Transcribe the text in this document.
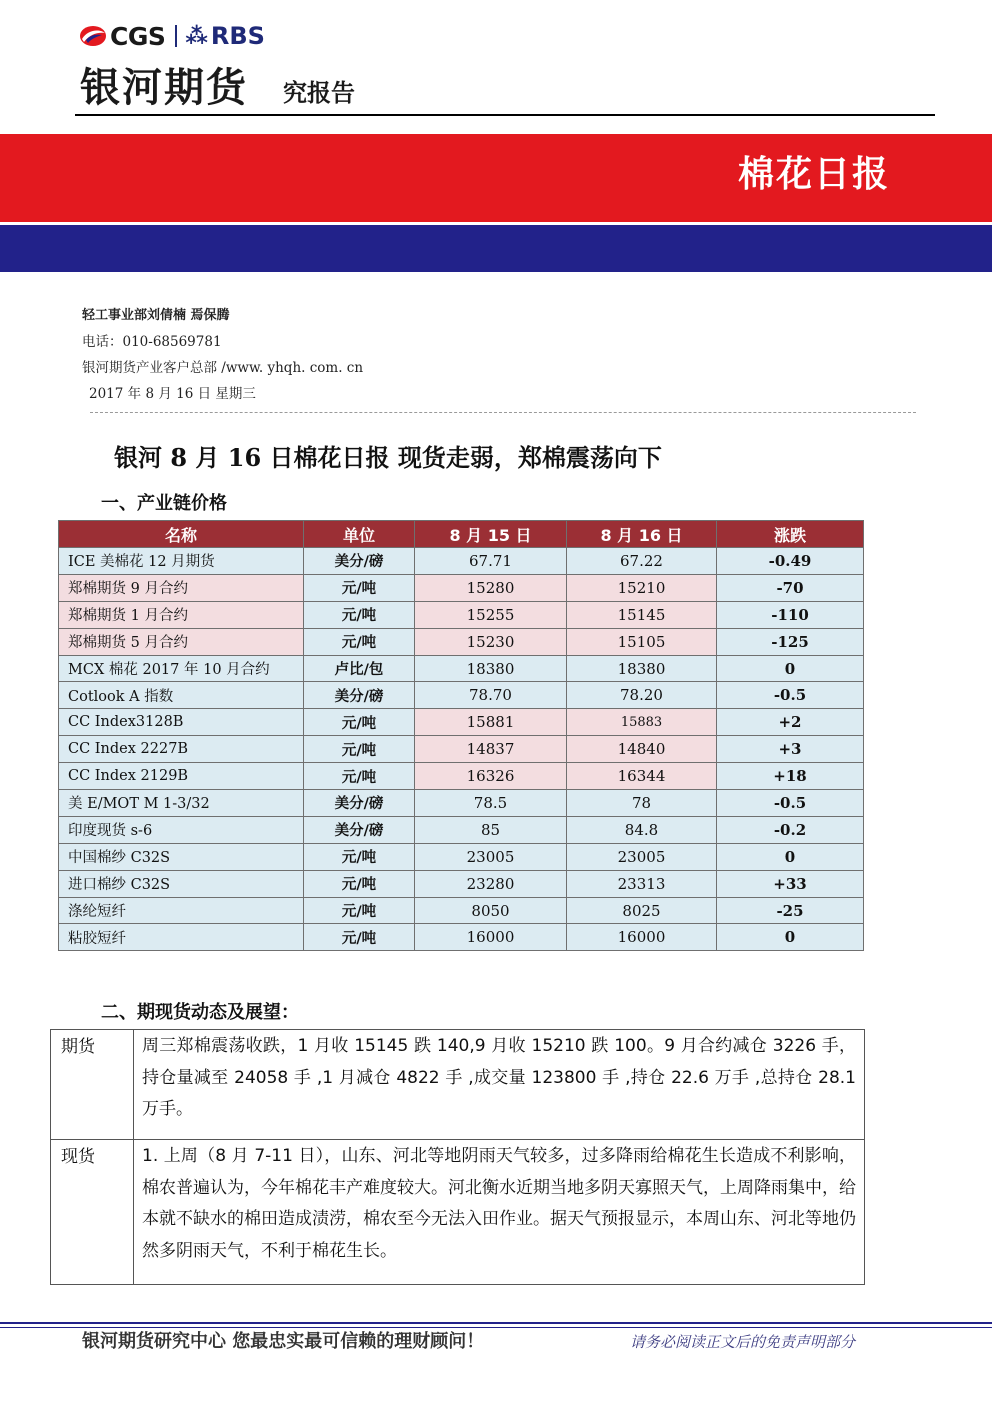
CGS ⁂ RBS
银河期货 究报告
棉花日报
轻工事业部刘倩楠 焉保腾
电话：010-68569781
银河期货产业客户总部 /www. yhqh. com. cn
2017 年 8 月 16 日 星期三
银河 8 月 16 日棉花日报 现货走弱，郑棉震荡向下
一、产业链价格
名称	单位	8 月 15 日	8 月 16 日	涨跌
ICE 美棉花 12 月期货	美分/磅	67.71	67.22	-0.49
郑棉期货 9 月合约	元/吨	15280	15210	-70
郑棉期货 1 月合约	元/吨	15255	15145	-110
郑棉期货 5 月合约	元/吨	15230	15105	-125
MCX 棉花 2017 年 10 月合约	卢比/包	18380	18380	0
Cotlook A 指数	美分/磅	78.70	78.20	-0.5
CC Index3128B	元/吨	15881	15883	+2
CC Index 2227B	元/吨	14837	14840	+3
CC Index 2129B	元/吨	16326	16344	+18
美 E/MOT M 1-3/32	美分/磅	78.5	78	-0.5
印度现货 s-6	美分/磅	85	84.8	-0.2
中国棉纱 C32S	元/吨	23005	23005	0
进口棉纱 C32S	元/吨	23280	23313	+33
涤纶短纤	元/吨	8050	8025	-25
粘胶短纤	元/吨	16000	16000	0
二、期现货动态及展望：
期货	周三郑棉震荡收跌，1 月收 15145 跌 140,9 月收 15210 跌 100。9 月合约减仓 3226 手，持仓量减至 24058 手 ,1 月减仓 4822 手 ,成交量 123800 手 ,持仓 22.6 万手 ,总持仓 28.1 万手。
现货	1. 上周（8 月 7-11 日），山东、河北等地阴雨天气较多，过多降雨给棉花生长造成不利影响，棉农普遍认为，今年棉花丰产难度较大。河北衡水近期当地多阴天寡照天气，上周降雨集中，给本就不缺水的棉田造成渍涝，棉农至今无法入田作业。据天气预报显示，本周山东、河北等地仍然多阴雨天气，不利于棉花生长。
银河期货研究中心 您最忠实最可信赖的理财顾问！	请务必阅读正文后的免责声明部分
